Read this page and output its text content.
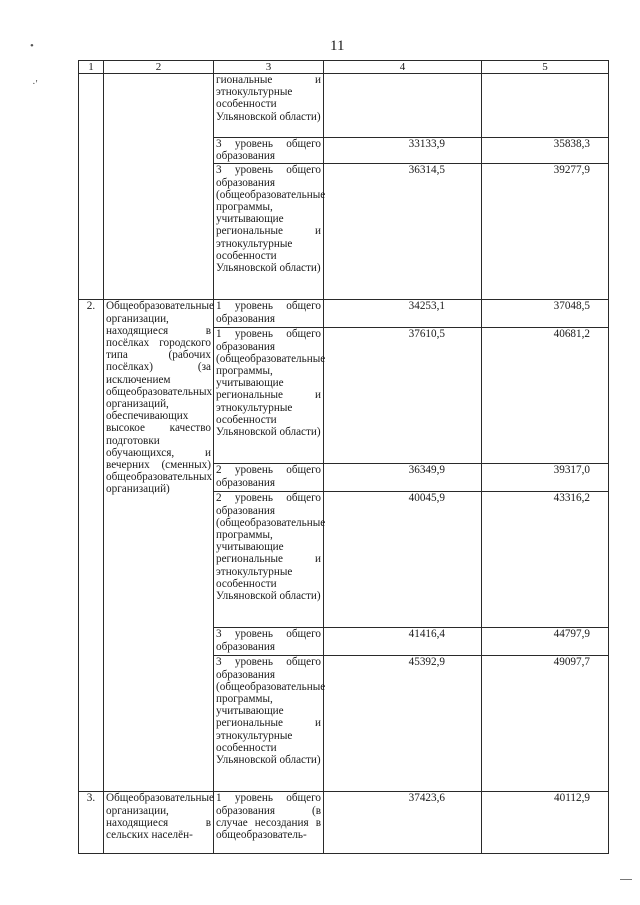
11
•
·'
1	2	3	4	5
		гиональные и этнокультурные особенности Ульяновской области)		
		3 уровень общего образования	33133,9	35838,3
		3 уровень общего образования (общеобразовательные программы, учитывающие региональные и этнокультурные особенности Ульяновской области)	36314,5	39277,9
2.	Общеобразовательные организации, находящиеся в посёлках городского типа (рабочих посёлках) (за исключением общеобразовательных организаций, обеспечивающих высокое качество подготовки обучающихся, и вечерних (сменных) общеобразовательных организаций)	1 уровень общего образования	34253,1	37048,5
		1 уровень общего образования (общеобразовательные программы, учитывающие региональные и этнокультурные особенности Ульяновской области)	37610,5	40681,2
		2 уровень общего образования	36349,9	39317,0
		2 уровень общего образования (общеобразовательные программы, учитывающие региональные и этнокультурные особенности Ульяновской области)	40045,9	43316,2
		3 уровень общего образования	41416,4	44797,9
		3 уровень общего образования (общеобразовательные программы, учитывающие региональные и этнокультурные особенности Ульяновской области)	45392,9	49097,7
3.	Общеобразовательные организации, находящиеся в сельских населён-	1 уровень общего образования (в случае несоздания в общеобразователь-	37423,6	40112,9
